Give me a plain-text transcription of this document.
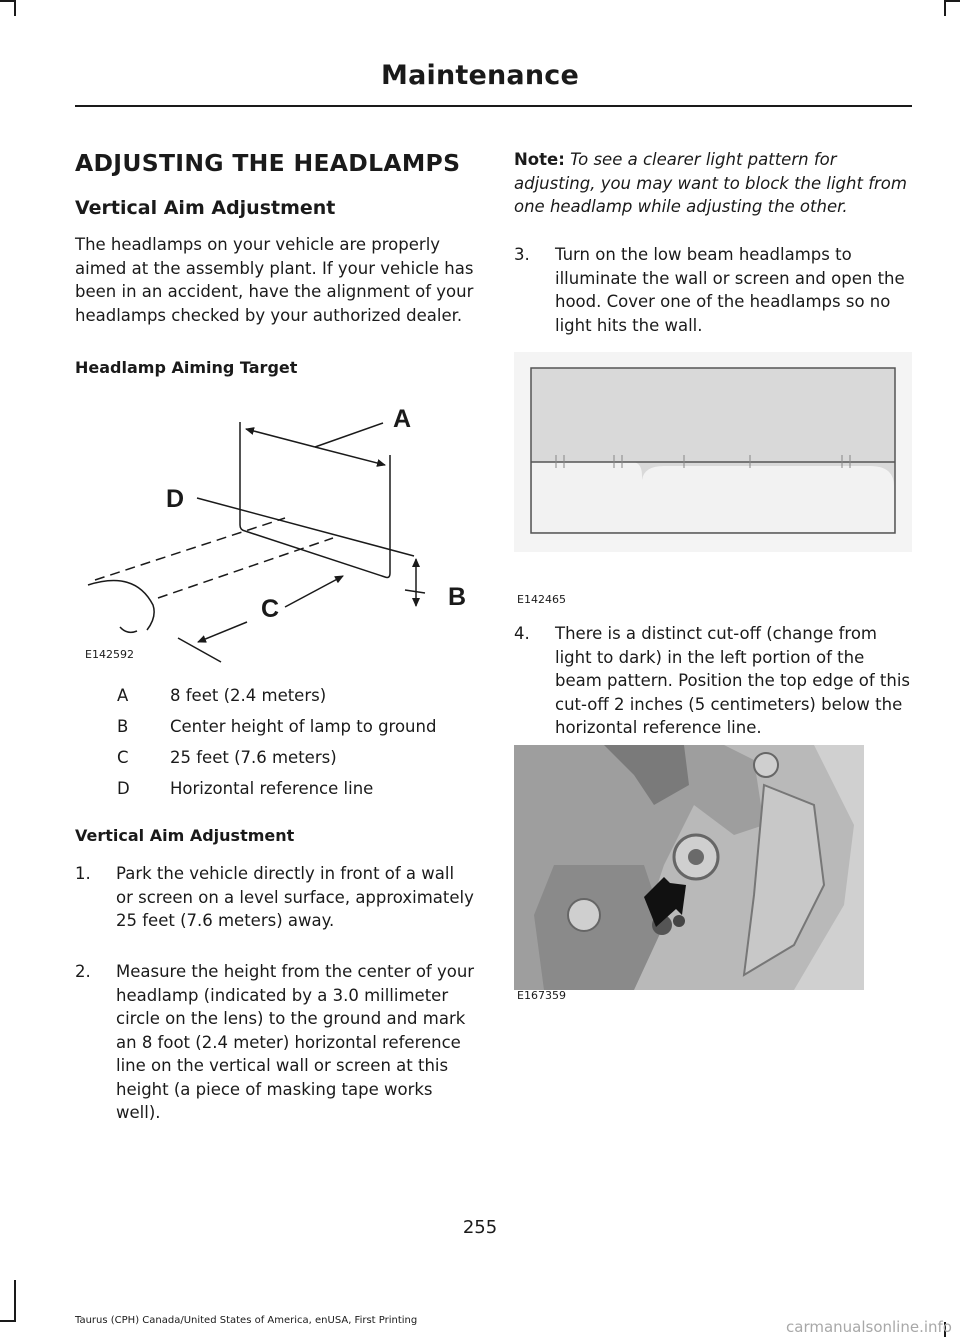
Maintenance
ADJUSTING THE HEADLAMPS
Vertical Aim Adjustment
The headlamps on your vehicle are properly aimed at the assembly plant. If your vehicle has been in an accident, have the alignment of your headlamps checked by your authorized dealer.
Headlamp Aiming Target
A
D
C	B
E142592
A	8 feet (2.4 meters)
B	Center height of lamp to ground
C	25 feet (7.6 meters)
D Horizontal reference line
Vertical Aim Adjustment
1. Park the vehicle directly in front of a wall or screen on a level surface, approximately 25 feet (7.6 meters) away.
2. Measure the height from the center of your headlamp (indicated by a 3.0 millimeter circle on the lens) to the ground and mark an 8 foot (2.4 meter) horizontal reference line on the vertical wall or screen at this height (a piece of masking tape works well).
Note: To see a clearer light pattern for adjusting, you may want to block the light from one headlamp while adjusting the other.
3. Turn on the low beam headlamps to illuminate the wall or screen and open the hood. Cover one of the headlamps so no light hits the wall.
E142465
4. There is a distinct cut-off (change from light to dark) in the left portion of the beam pattern. Position the top edge of this cut-off 2 inches (5 centimeters) below the horizontal reference line.
E167359
255
Taurus (CPH) Canada/United States of America, enUSA, First Printing	carmanualsonline.info
